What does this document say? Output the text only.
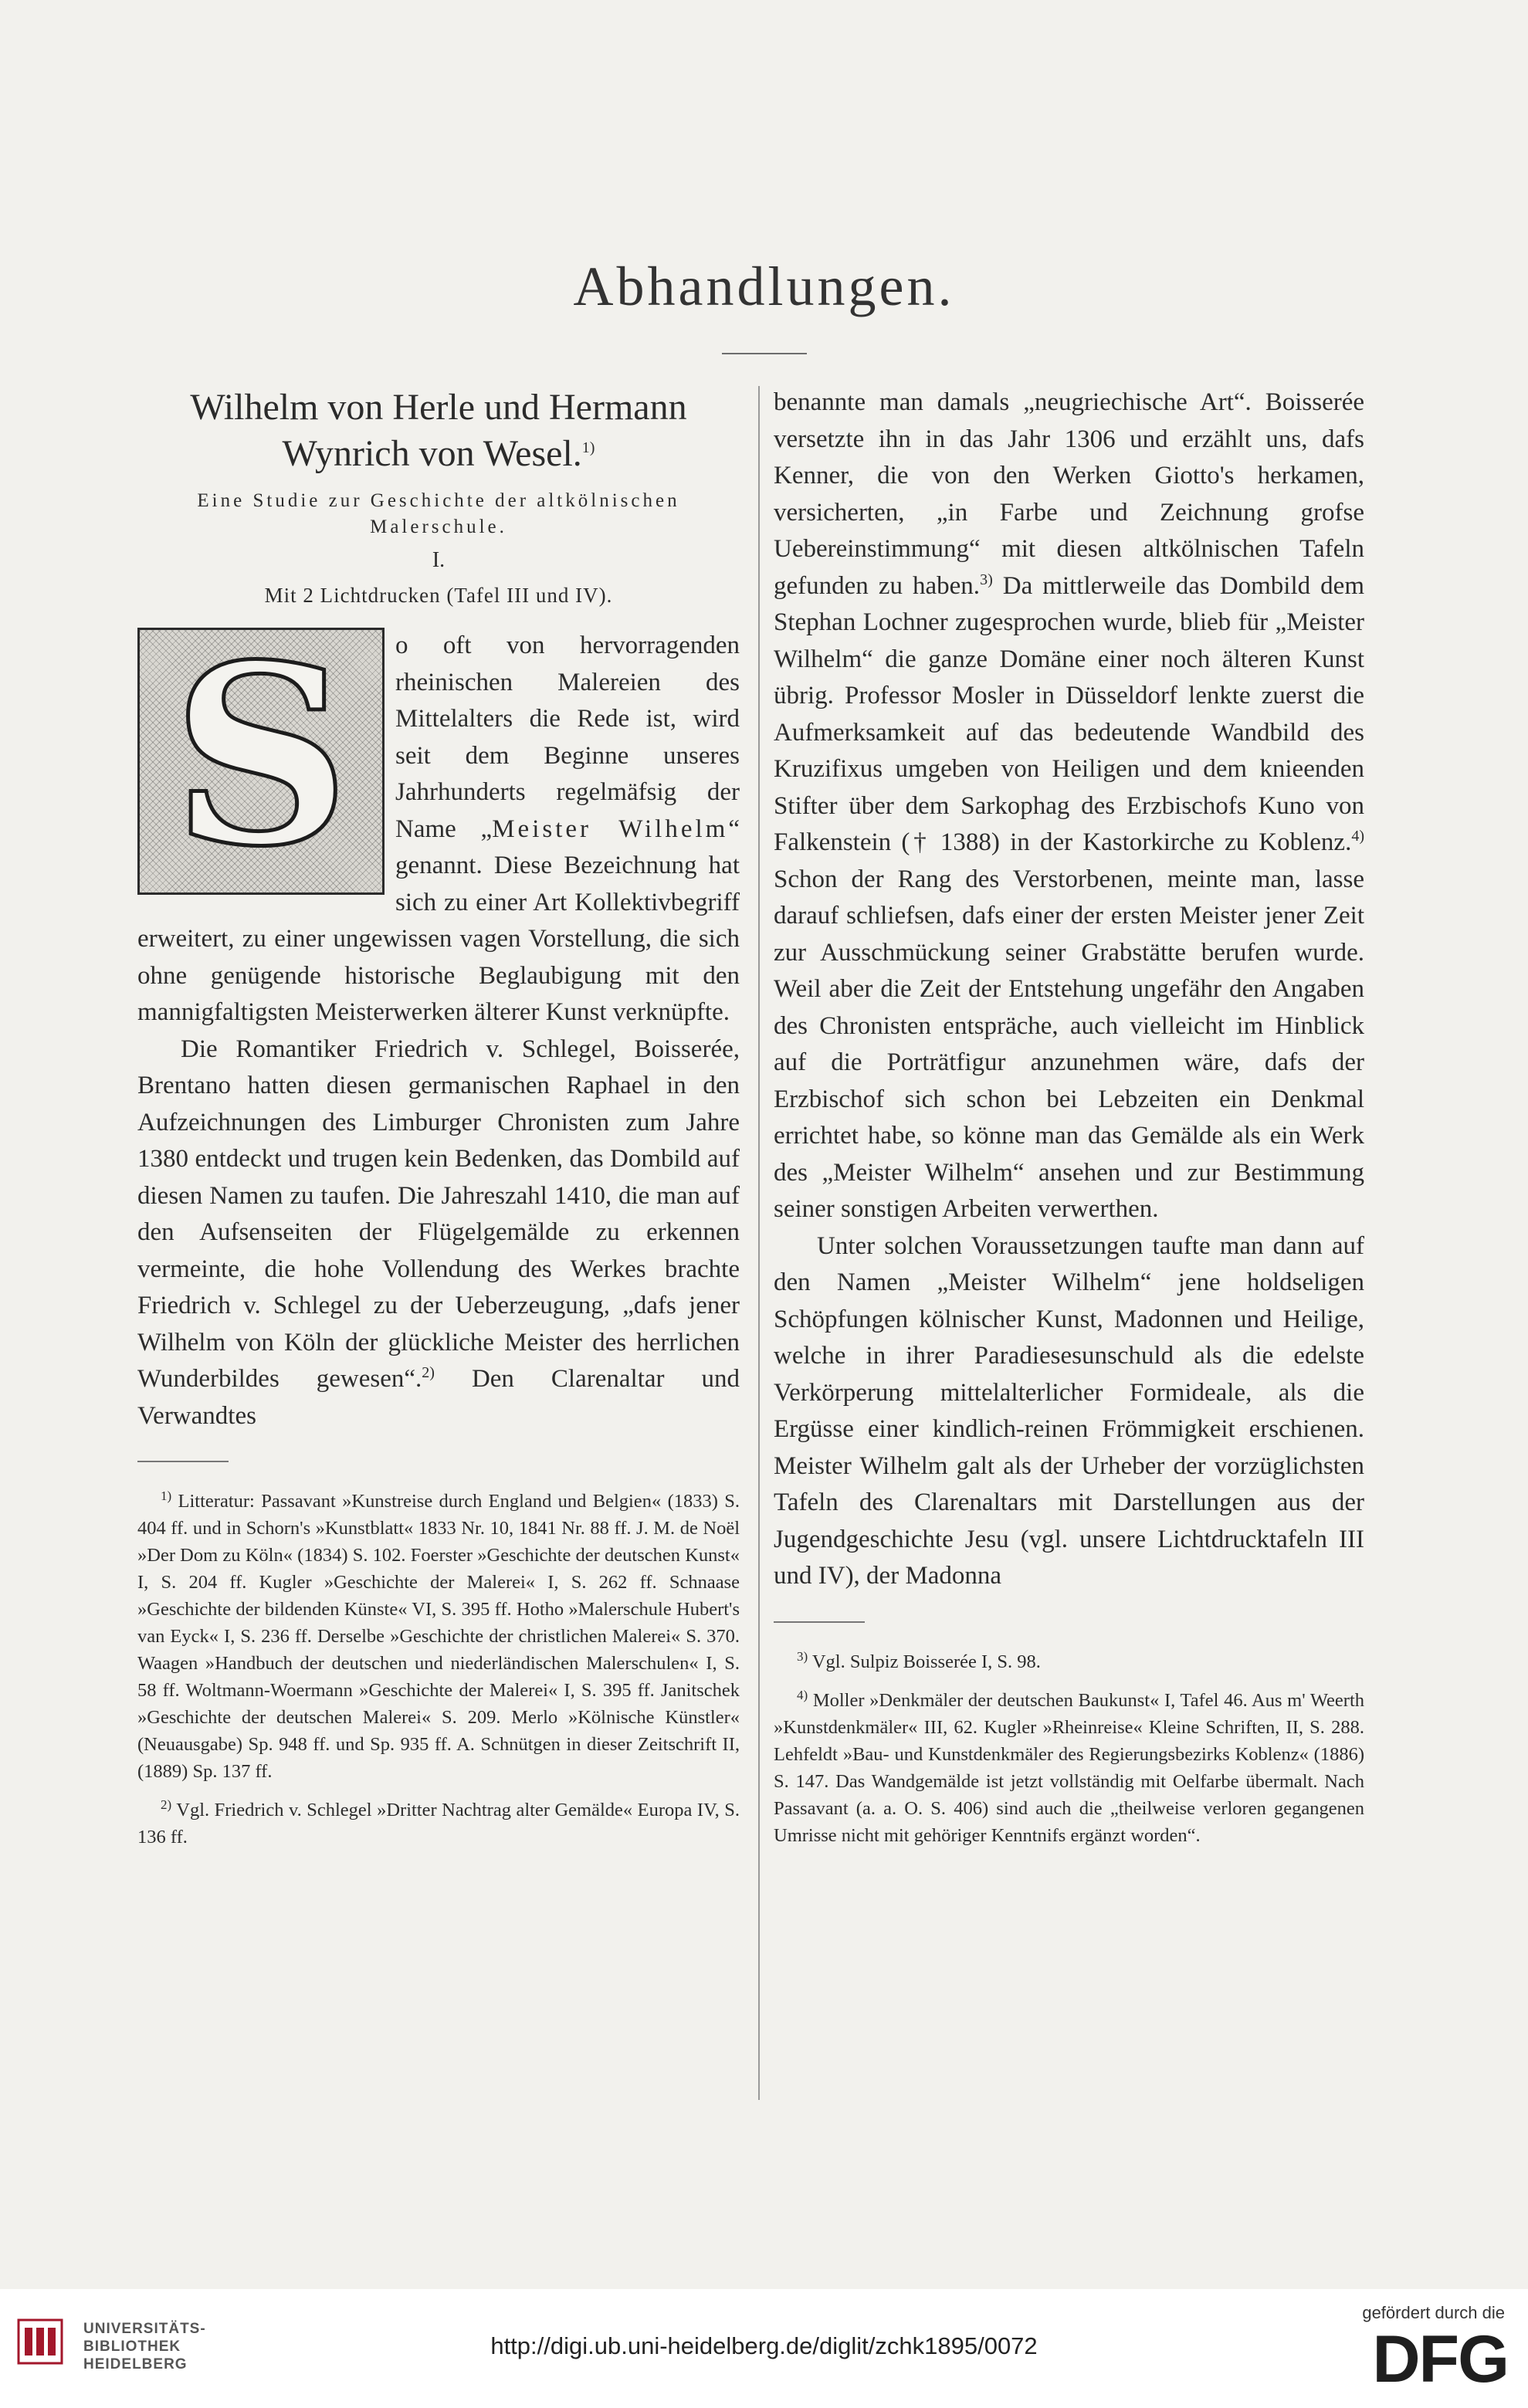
Abhandlungen.
Wilhelm von Herle und Hermann
Wynrich von Wesel.$^{1)}$
Eine Studie zur Geschichte der altkölnischen Malerschule.
I.
Mit 2 Lichtdrucken (Tafel III und IV).
S	o oft von hervorragenden rheinischen Malereien des Mittelalters die Rede ist, wird seit dem Beginne unseres Jahrhunderts regelmäfsig der Name „Meister Wilhelm“ genannt. Diese Bezeichnung hat sich zu einer Art Kollektivbegriff erweitert, zu einer ungewissen vagen Vorstellung, die sich ohne genügende historische Beglaubigung mit den mannigfaltigsten Meisterwerken älterer Kunst verknüpfte.

Die Romantiker Friedrich v. Schlegel, Boisserée, Brentano hatten diesen germanischen Raphael in den Aufzeichnungen des Limburger Chronisten zum Jahre 1380 entdeckt und trugen kein Bedenken, das Dombild auf diesen Namen zu taufen. Die Jahreszahl 1410, die man auf den Aufsenseiten der Flügelgemälde zu erkennen vermeinte, die hohe Vollendung des Werkes brachte Friedrich v. Schlegel zu der Ueberzeugung, „dafs jener Wilhelm von Köln der glückliche Meister des herrlichen Wunderbildes gewesen“.$^{2)}$ Den Clarenaltar und Verwandtes

$^{1)}$ Litteratur: Passavant »Kunstreise durch England und Belgien« (1833) S. 404 ff. und in Schorn's »Kunstblatt« 1833 Nr. 10, 1841 Nr. 88 ff. J. M. de Noël »Der Dom zu Köln« (1834) S. 102. Foerster »Geschichte der deutschen Kunst« I, S. 204 ff. Kugler »Geschichte der Malerei« I, S. 262 ff. Schnaase »Geschichte der bildenden Künste« VI, S. 395 ff. Hotho »Malerschule Hubert's van Eyck« I, S. 236 ff. Derselbe »Geschichte der christlichen Malerei« S. 370. Waagen »Handbuch der deutschen und niederländischen Malerschulen« I, S. 58 ff. Woltmann-Woermann »Geschichte der Malerei« I, S. 395 ff. Janitschek »Geschichte der deutschen Malerei« S. 209. Merlo »Kölnische Künstler« (Neuausgabe) Sp. 948 ff. und Sp. 935 ff. A. Schnütgen in dieser Zeitschrift II, (1889) Sp. 137 ff.

$^{2)}$ Vgl. Friedrich v. Schlegel »Dritter Nachtrag alter Gemälde« Europa IV, S. 136 ff.

benannte man damals „neugriechische Art“. Boisserée versetzte ihn in das Jahr 1306 und erzählt uns, dafs Kenner, die von den Werken Giotto's herkamen, versicherten, „in Farbe und Zeichnung grofse Uebereinstimmung“ mit diesen altkölnischen Tafeln gefunden zu haben.$^{3)}$ Da mittlerweile das Dombild dem Stephan Lochner zugesprochen wurde, blieb für „Meister Wilhelm“ die ganze Domäne einer noch älteren Kunst übrig. Professor Mosler in Düsseldorf lenkte zuerst die Aufmerksamkeit auf das bedeutende Wandbild des Kruzifixus umgeben von Heiligen und dem knieenden Stifter über dem Sarkophag des Erzbischofs Kuno von Falkenstein († 1388) in der Kastorkirche zu Koblenz.$^{4)}$ Schon der Rang des Verstorbenen, meinte man, lasse darauf schliefsen, dafs einer der ersten Meister jener Zeit zur Ausschmückung seiner Grabstätte berufen wurde. Weil aber die Zeit der Entstehung ungefähr den Angaben des Chronisten entspräche, auch vielleicht im Hinblick auf die Porträtfigur anzunehmen wäre, dafs der Erzbischof sich schon bei Lebzeiten ein Denkmal errichtet habe, so könne man das Gemälde als ein Werk des „Meister Wilhelm“ ansehen und zur Bestimmung seiner sonstigen Arbeiten verwerthen.

Unter solchen Voraussetzungen taufte man dann auf den Namen „Meister Wilhelm“ jene holdseligen Schöpfungen kölnischer Kunst, Madonnen und Heilige, welche in ihrer Paradiesesunschuld als die edelste Verkörperung mittelalterlicher Formideale, als die Ergüsse einer kindlich-reinen Frömmigkeit erschienen. Meister Wilhelm galt als der Urheber der vorzüglichsten Tafeln des Clarenaltars mit Darstellungen aus der Jugendgeschichte Jesu (vgl. unsere Lichtdrucktafeln III und IV), der Madonna

$^{3)}$ Vgl. Sulpiz Boisserée I, S. 98.

$^{4)}$ Moller »Denkmäler der deutschen Baukunst« I, Tafel 46. Aus m' Weerth »Kunstdenkmäler« III, 62. Kugler »Rheinreise« Kleine Schriften, II, S. 288. Lehfeldt »Bau- und Kunstdenkmäler des Regierungsbezirks Koblenz« (1886) S. 147. Das Wandgemälde ist jetzt vollständig mit Oelfarbe übermalt. Nach Passavant (a. a. O. S. 406) sind auch die „theilweise verloren gegangenen Umrisse nicht mit gehöriger Kenntnifs ergänzt worden“.

UNIVERSITÄTS-
BIBLIOTHEK
HEIDELBERG
http://digi.ub.uni-heidelberg.de/diglit/zchk1895/0072
gefördert durch die
DFG
